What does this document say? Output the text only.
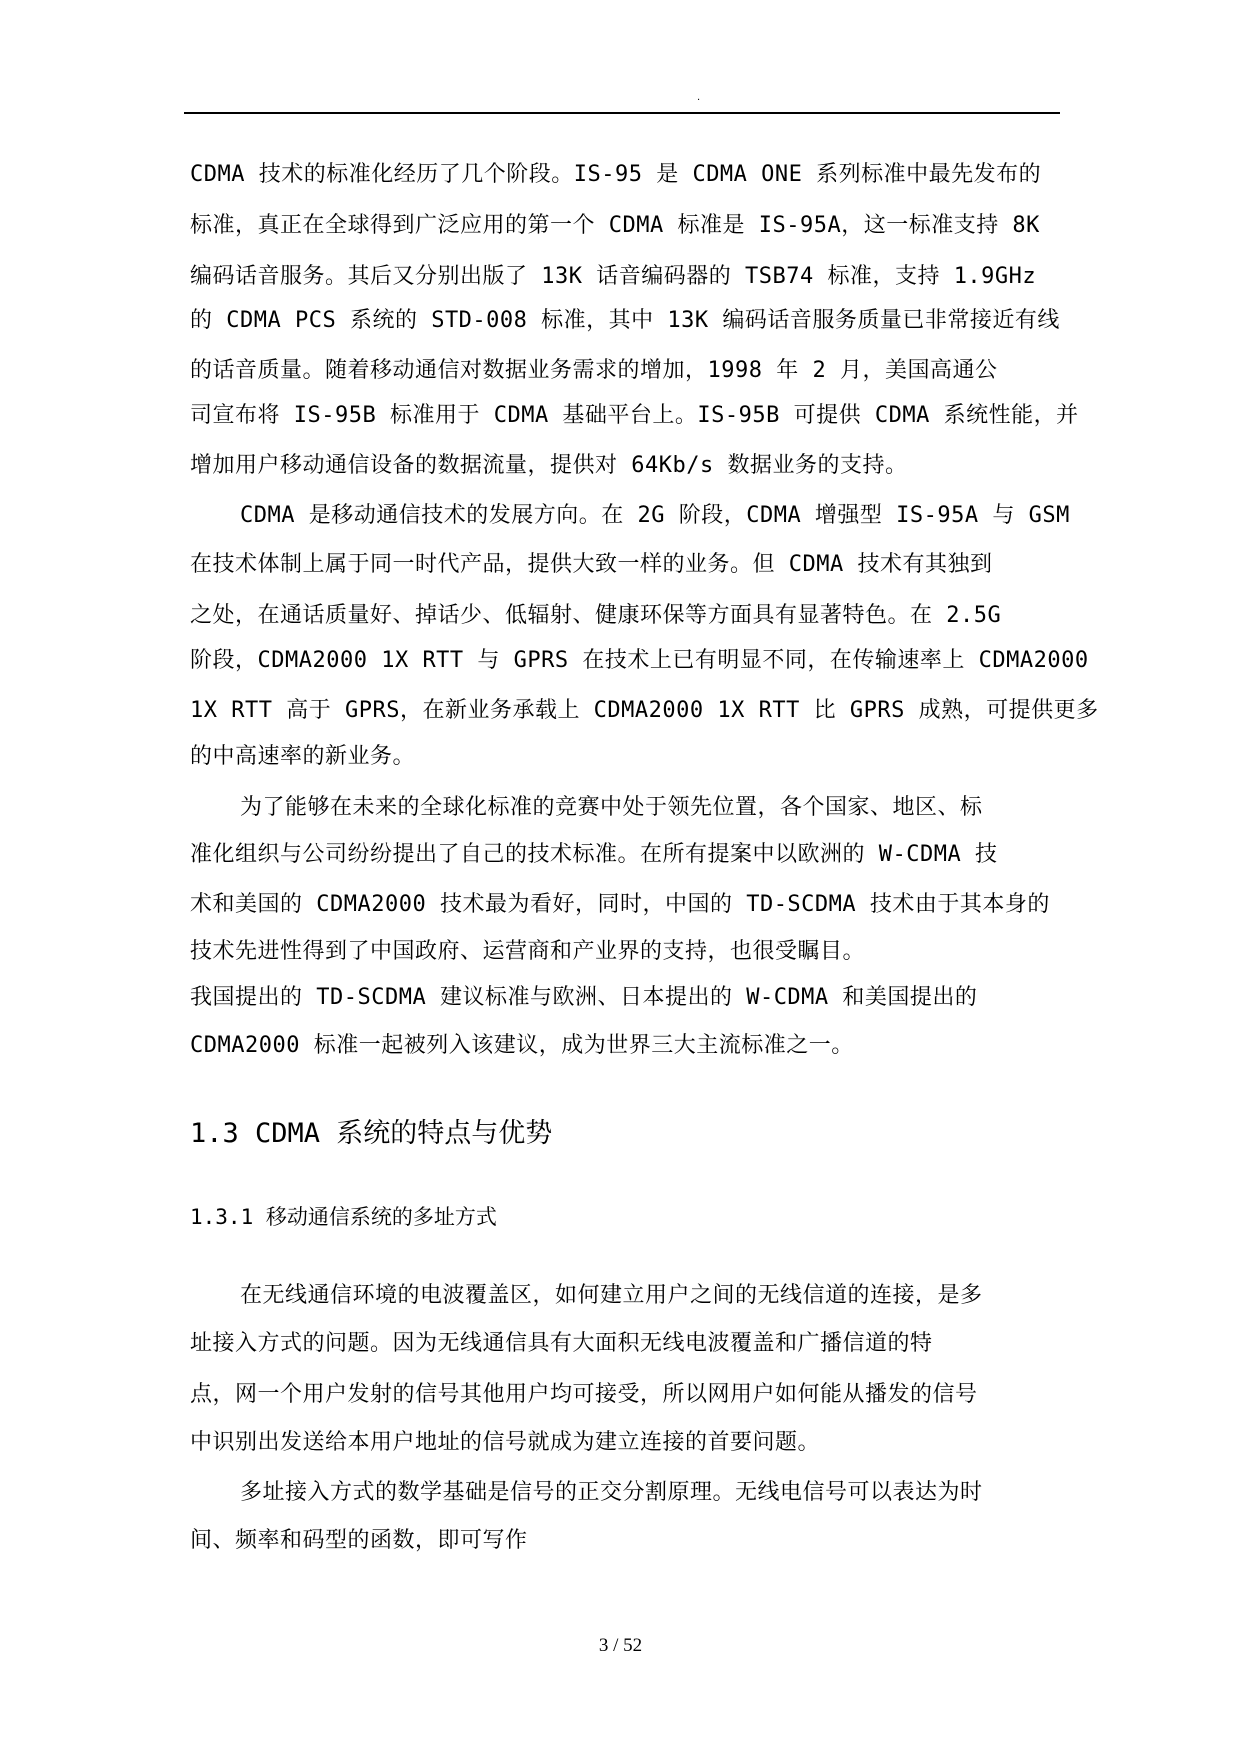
.
CDMA 技术的标准化经历了几个阶段。IS-95 是 CDMA ONE 系列标准中最先发布的
标准，真正在全球得到广泛应用的第一个 CDMA 标准是 IS-95A，这一标准支持 8K
编码话音服务。其后又分别出版了 13K 话音编码器的 TSB74 标准，支持 1.9GHz
的 CDMA PCS 系统的 STD-008 标准，其中 13K 编码话音服务质量已非常接近有线
的话音质量。随着移动通信对数据业务需求的增加，1998 年 2 月，美国高通公
司宣布将 IS-95B 标准用于 CDMA 基础平台上。IS-95B 可提供 CDMA 系统性能，并
增加用户移动通信设备的数据流量，提供对 64Kb/s 数据业务的支持。
CDMA 是移动通信技术的发展方向。在 2G 阶段，CDMA 增强型 IS-95A 与 GSM
在技术体制上属于同一时代产品，提供大致一样的业务。但 CDMA 技术有其独到
之处，在通话质量好、掉话少、低辐射、健康环保等方面具有显著特色。在 2.5G
阶段，CDMA2000 1X RTT 与 GPRS 在技术上已有明显不同，在传输速率上 CDMA2000
1X RTT 高于 GPRS，在新业务承载上 CDMA2000 1X RTT 比 GPRS 成熟，可提供更多
的中高速率的新业务。
为了能够在未来的全球化标准的竞赛中处于领先位置，各个国家、地区、标
准化组织与公司纷纷提出了自己的技术标准。在所有提案中以欧洲的 W-CDMA 技
术和美国的 CDMA2000 技术最为看好，同时，中国的 TD-SCDMA 技术由于其本身的
技术先进性得到了中国政府、运营商和产业界的支持，也很受瞩目。
我国提出的 TD-SCDMA 建议标准与欧洲、日本提出的 W-CDMA 和美国提出的
CDMA2000 标准一起被列入该建议，成为世界三大主流标准之一。
1.3 CDMA 系统的特点与优势
1.3.1 移动通信系统的多址方式
在无线通信环境的电波覆盖区，如何建立用户之间的无线信道的连接，是多
址接入方式的问题。因为无线通信具有大面积无线电波覆盖和广播信道的特
点，网一个用户发射的信号其他用户均可接受，所以网用户如何能从播发的信号
中识别出发送给本用户地址的信号就成为建立连接的首要问题。
多址接入方式的数学基础是信号的正交分割原理。无线电信号可以表达为时
间、频率和码型的函数，即可写作
3 / 52
